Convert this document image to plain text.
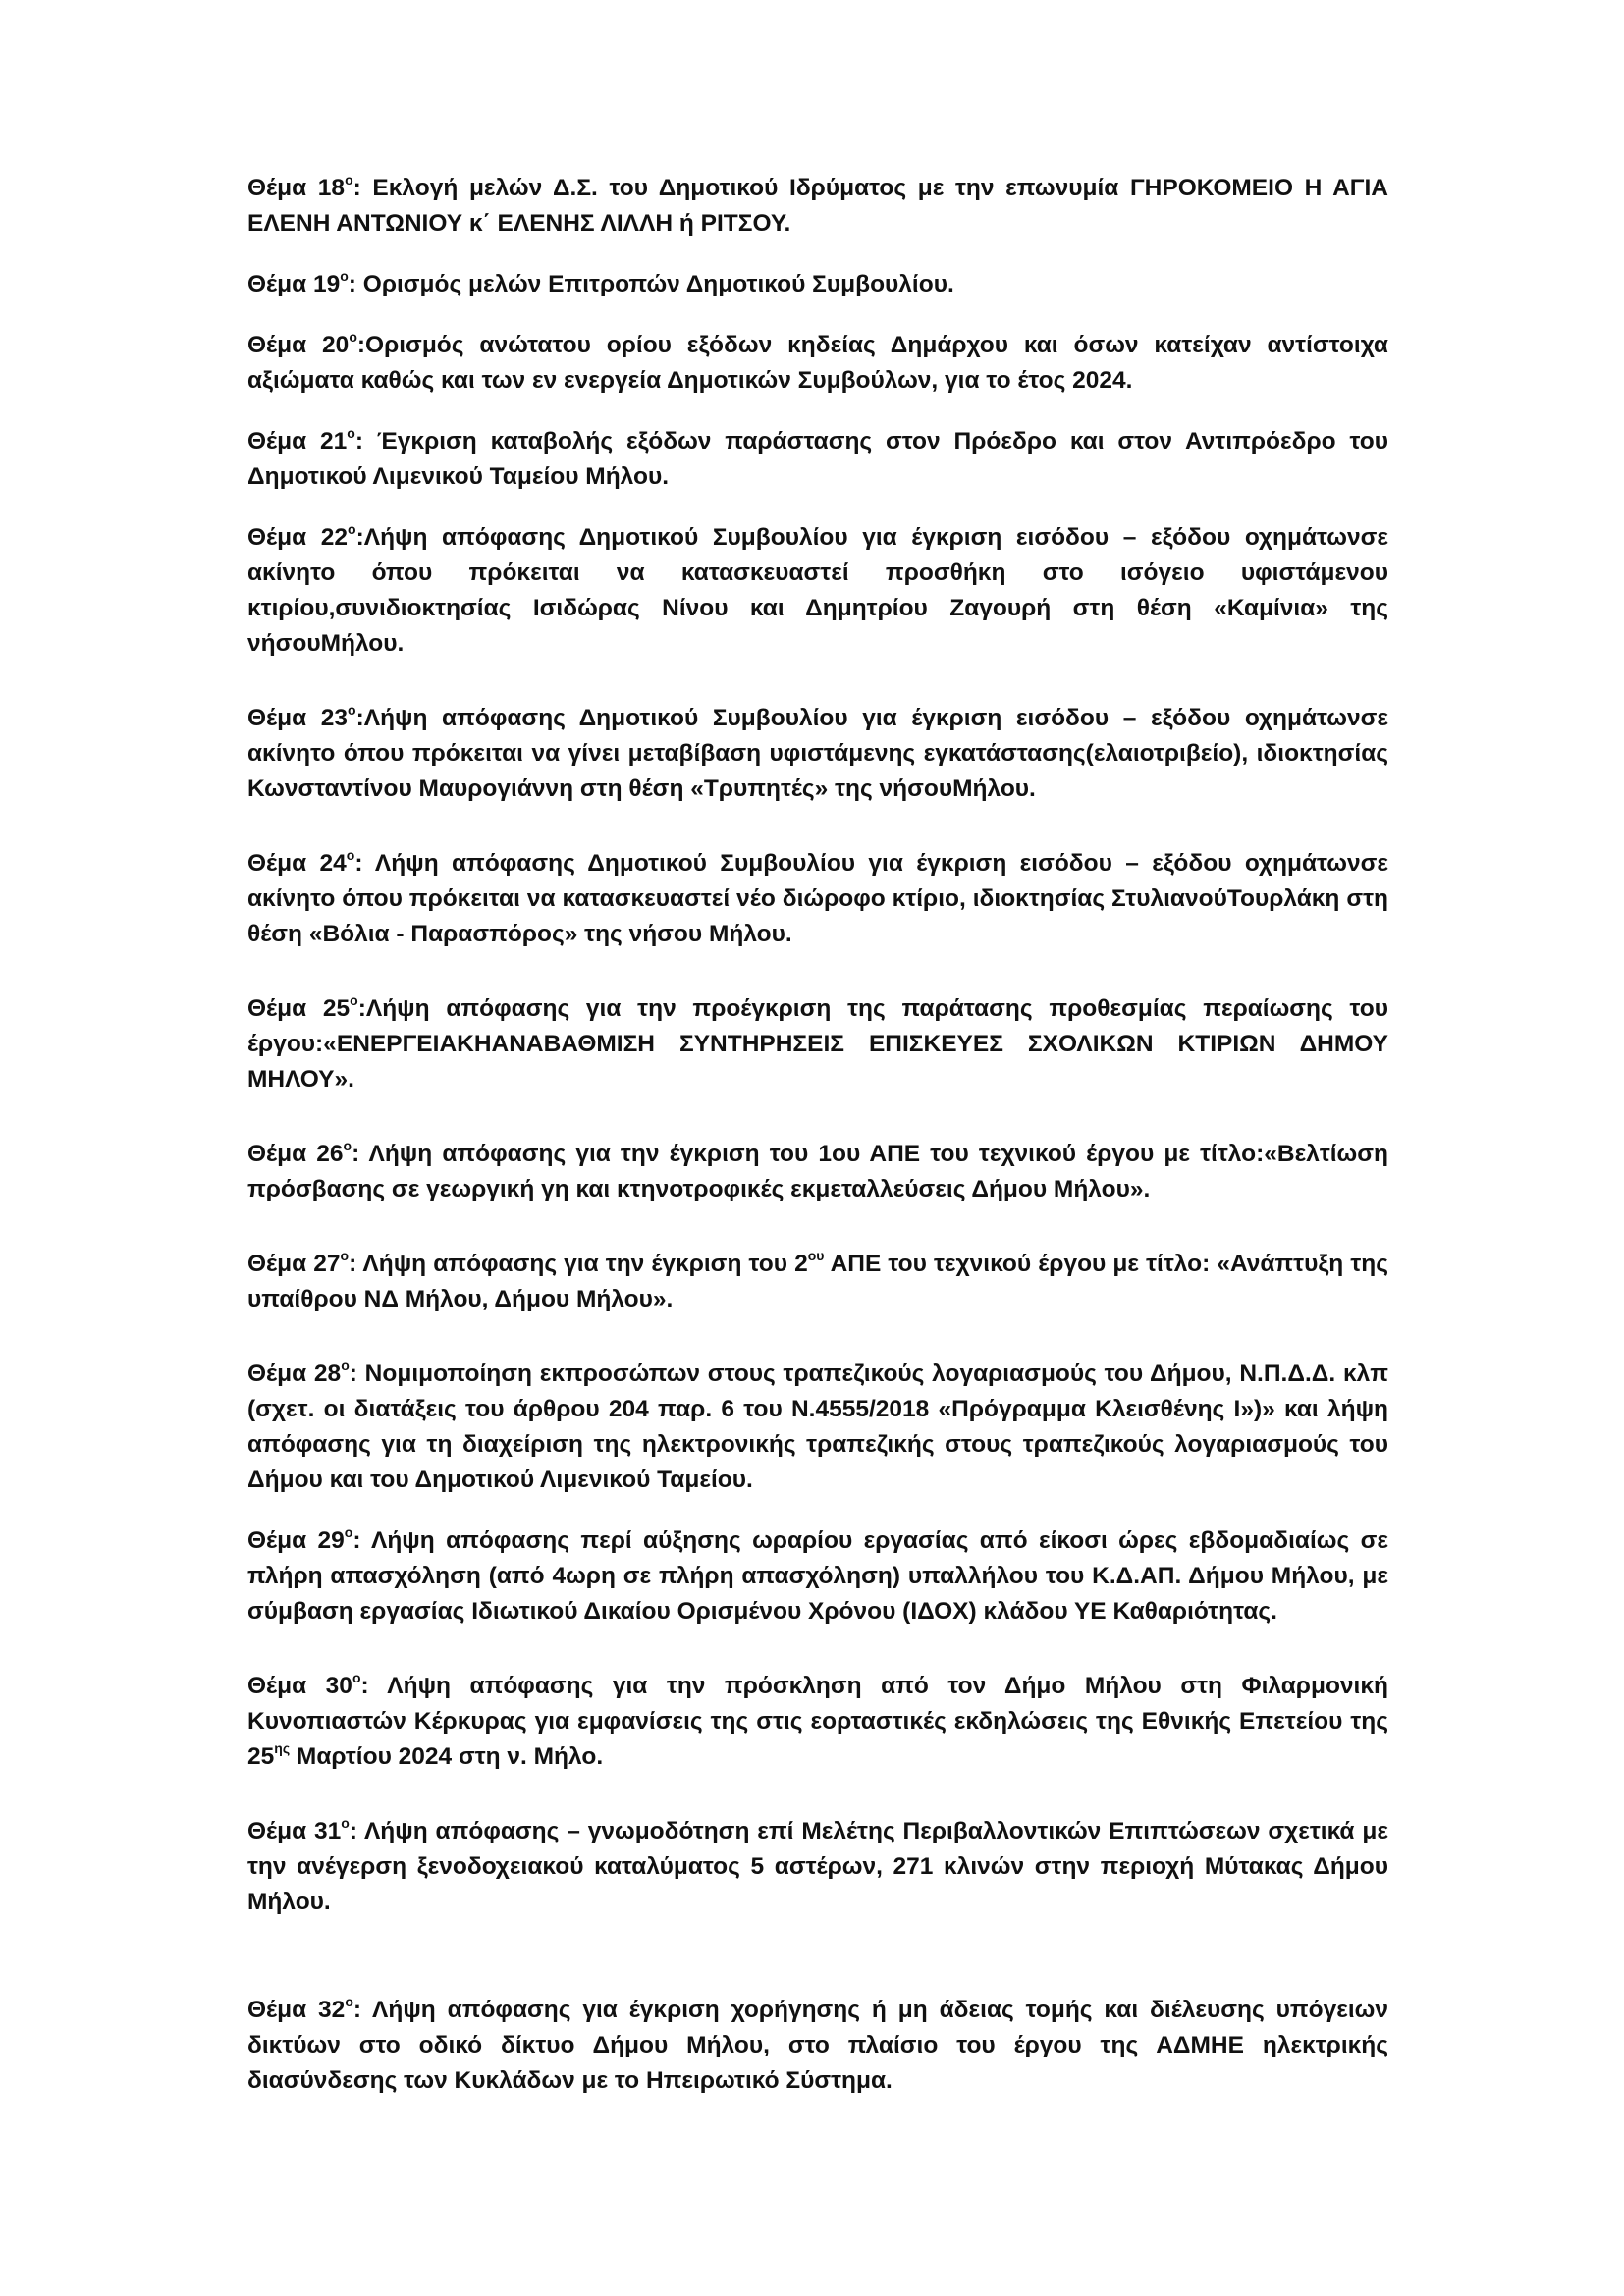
Θέμα $18^o$: Εκλογή μελών Δ.Σ. του Δημοτικού Ιδρύματος με την επωνυμία ΓΗΡΟΚΟΜΕΙΟ Η ΑΓΙΑ ΕΛΕΝΗ ΑΝΤΩΝΙΟΥ κ΄ ΕΛΕΝΗΣ ΛΙΛΛΗ ή ΡΙΤΣΟΥ.

Θέμα $19^o$: Ορισμός μελών Επιτροπών Δημοτικού Συμβουλίου.

Θέμα $20^o:O\rho\iota\sigma\mu ό\varsigma$ ανώτατου ορίου εξόδων κηδείας Δημάρχου και όσων κατείχαν αντίστοιχα αξιώματα καθώς και των εν ενεργεία Δημοτικών Συμβούλων, για το έτος 2024.

Θέμα $21^o$: Έγκριση καταβολής εξόδων παράστασης στον Πρόεδρο και στον Αντιπρόεδρο του Δημοτικού Λιμενικού Ταμείου Μήλου.

Θέμα $22^o:\Lambda ή\psi\eta$ απόφασης Δημοτικού Συμβουλίου για έγκριση εισόδου – εξόδου οχημάτωνσε ακίνητο όπου πρόκειται να κατασκευαστεί προσθήκη στο ισόγειο υφιστάμενου κτιρίου,συνιδιοκτησίας Ισιδώρας Νίνου και Δημητρίου Ζαγουρή στη θέση «Καμίνια» της νήσουΜήλου.

Θέμα $23^o:\Lambda ή\psi\eta$ απόφασης Δημοτικού Συμβουλίου για έγκριση εισόδου – εξόδου οχημάτωνσε ακίνητο όπου πρόκειται να γίνει μεταβίβαση υφιστάμενης εγκατάστασης(ελαιοτριβείο), ιδιοκτησίας Κωνσταντίνου Μαυρογιάννη στη θέση «Τρυπητές» της νήσουΜήλου.

Θέμα $24^o$: Λήψη απόφασης Δημοτικού Συμβουλίου για έγκριση εισόδου – εξόδου οχημάτωνσε ακίνητο όπου πρόκειται να κατασκευαστεί νέο διώροφο κτίριο, ιδιοκτησίας ΣτυλιανούΤουρλάκη στη θέση «Βόλια - Παρασπόρος» της νήσου Μήλου.

Θέμα $25^o:\Lambda ή\psi\eta$ απόφασης για την προέγκριση της παράτασης προθεσμίας περαίωσης του έργου:«ΕΝΕΡΓΕΙΑΚΗΑΝΑΒΑΘΜΙΣΗ ΣΥΝΤΗΡΗΣΕΙΣ ΕΠΙΣΚΕΥΕΣ ΣΧΟΛΙΚΩΝ ΚΤΙΡΙΩΝ ΔΗΜΟΥ ΜΗΛΟΥ».

Θέμα $26^o$: Λήψη απόφασης για την έγκριση του 1ου ΑΠΕ του τεχνικού έργου με τίτλο:«Βελτίωση πρόσβασης σε γεωργική γη και κτηνοτροφικές εκμεταλλεύσεις Δήμου Μήλου».

Θέμα $27^o$: Λήψη απόφασης για την έγκριση του $2^{o\upsilon}$ ΑΠΕ του τεχνικού έργου με τίτλο: «Ανάπτυξη της υπαίθρου ΝΔ Μήλου, Δήμου Μήλου».

Θέμα $28^o$: Νομιμοποίηση εκπροσώπων στους τραπεζικούς λογαριασμούς του Δήμου, Ν.Π.Δ.Δ. κλπ (σχετ. οι διατάξεις του άρθρου 204 παρ. 6 του Ν.4555/2018 «Πρόγραμμα Κλεισθένης Ι»)» και λήψη απόφασης για τη διαχείριση της ηλεκτρονικής τραπεζικής στους τραπεζικούς λογαριασμούς του Δήμου και του Δημοτικού Λιμενικού Ταμείου.

Θέμα $29^o$: Λήψη απόφασης περί αύξησης ωραρίου εργασίας από είκοσι ώρες εβδομαδιαίως σε πλήρη απασχόληση (από 4ωρη σε πλήρη απασχόληση) υπαλλήλου του Κ.Δ.ΑΠ. Δήμου Μήλου, με σύμβαση εργασίας Ιδιωτικού Δικαίου Ορισμένου Χρόνου (ΙΔΟΧ) κλάδου ΥΕ Καθαριότητας.

Θέμα $30^o$: Λήψη απόφασης για την πρόσκληση από τον Δήμο Μήλου στη Φιλαρμονική Κυνοπιαστών Κέρκυρας για εμφανίσεις της στις εορταστικές εκδηλώσεις της Εθνικής Επετείου της $25^{\eta\varsigma}$ Μαρτίου 2024 στη ν. Μήλο.

Θέμα $31^o$: Λήψη απόφασης – γνωμοδότηση επί Μελέτης Περιβαλλοντικών Επιπτώσεων σχετικά με την ανέγερση ξενοδοχειακού καταλύματος 5 αστέρων, 271 κλινών στην περιοχή Μύτακας Δήμου Μήλου.

Θέμα $32^o$: Λήψη απόφασης για έγκριση χορήγησης ή μη άδειας τομής και διέλευσης υπόγειων δικτύων στο οδικό δίκτυο Δήμου Μήλου, στο πλαίσιο του έργου της ΑΔΜΗΕ ηλεκτρικής διασύνδεσης των Κυκλάδων με το Ηπειρωτικό Σύστημα.
